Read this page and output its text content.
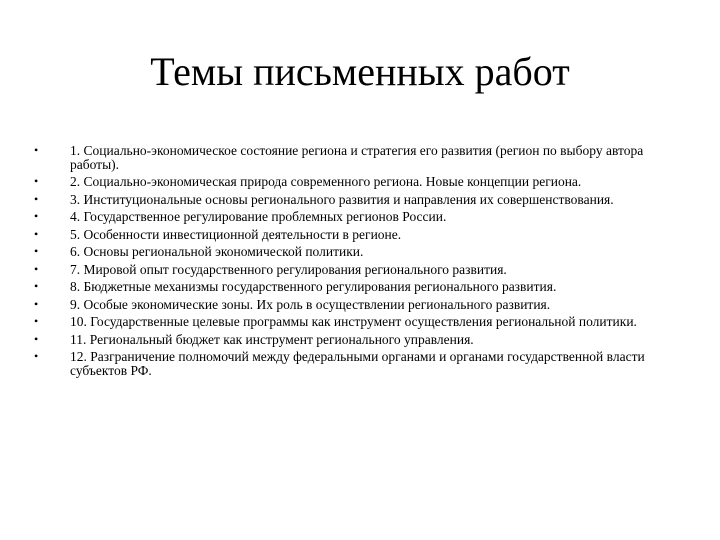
Темы письменных работ
•	1. Социально-экономическое состояние региона и стратегия его развития (регион по выбору автора работы).
•	2. Социально-экономическая природа современного региона. Новые концепции региона.
•	3. Институциональные основы регионального развития и направления их совершенствования.
•	4. Государственное регулирование проблемных регионов России.
•	5. Особенности инвестиционной деятельности в регионе.
•	6. Основы региональной экономической политики.
•	7. Мировой опыт государственного регулирования регионального развития.
•	8. Бюджетные механизмы государственного регулирования регионального развития.
•	9. Особые экономические зоны. Их роль в осуществлении регионального развития.
•	10. Государственные целевые программы как инструмент осуществления региональной политики.
•	11. Региональный бюджет как инструмент регионального управления.
•	12. Разграничение полномочий между федеральными органами и органами государственной власти субъектов РФ.
